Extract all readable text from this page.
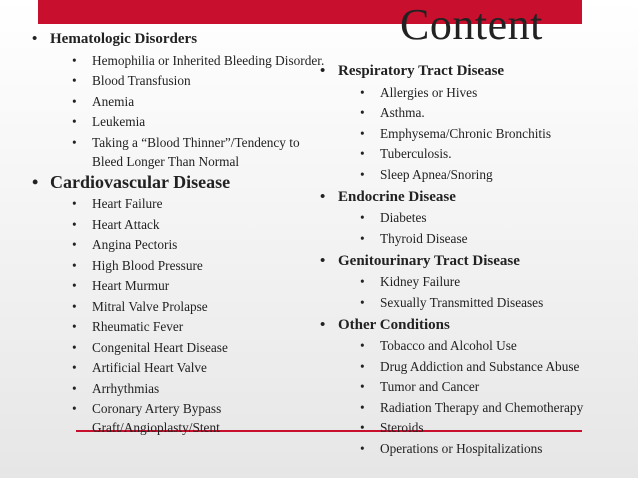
Content
• Hematologic Disorders
• Hemophilia or Inherited Bleeding Disorder.
• Blood Transfusion
• Anemia
• Leukemia
• Taking a “Blood Thinner”/Tendency to Bleed Longer Than Normal
• Cardiovascular Disease
• Heart Failure
• Heart Attack
• Angina Pectoris
• High Blood Pressure
• Heart Murmur
• Mitral Valve Prolapse
• Rheumatic Fever
• Congenital Heart Disease
• Artificial Heart Valve
• Arrhythmias
• Coronary Artery Bypass Graft/Angioplasty/Stent
• Respiratory Tract Disease
• Allergies or Hives
• Asthma.
• Emphysema/Chronic Bronchitis
• Tuberculosis.
• Sleep Apnea/Snoring
• Endocrine Disease
• Diabetes
• Thyroid Disease
• Genitourinary Tract Disease
• Kidney Failure
• Sexually Transmitted Diseases
• Other Conditions
• Tobacco and Alcohol Use
• Drug Addiction and Substance Abuse
• Tumor and Cancer
• Radiation Therapy and Chemotherapy
• Steroids
• Operations or Hospitalizations
